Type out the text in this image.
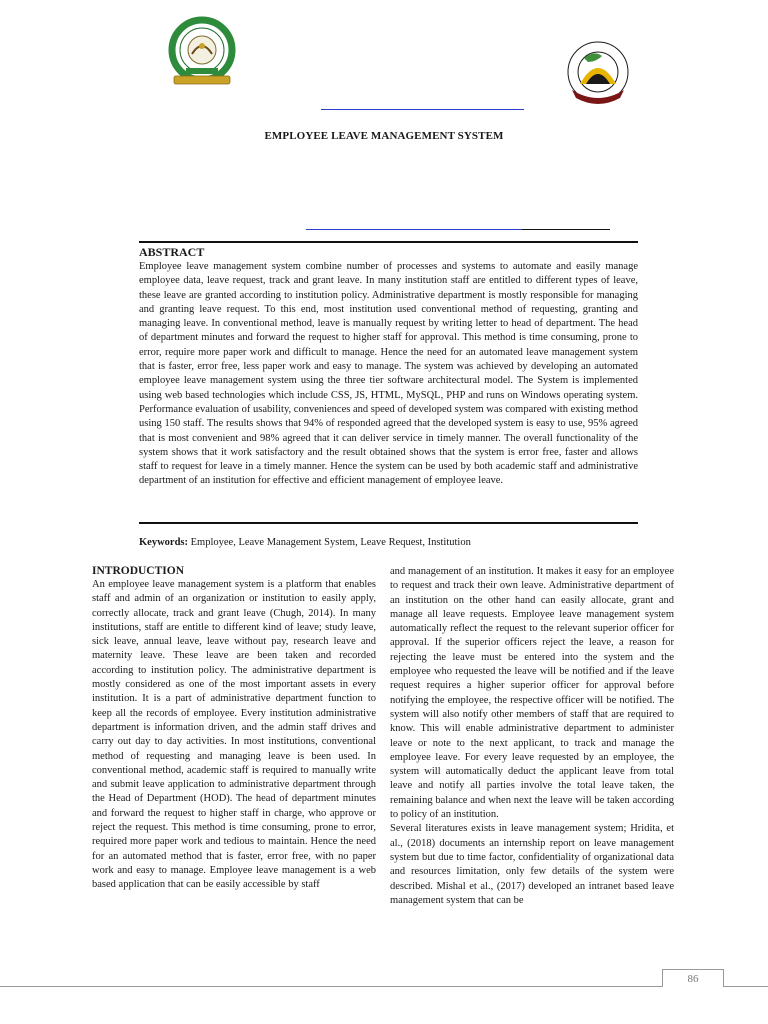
EMPLOYEE LEAVE MANAGEMENT SYSTEM

ABSTRACT

Employee leave management system combine number of processes and systems to automate and easily manage employee data, leave request, track and grant leave. In many institution staff are entitled to different types of leave, these leave are granted according to institution policy. Administrative department is mostly responsible for managing and granting leave request. To this end, most institution used conventional method of requesting, granting and managing leave. In conventional method, leave is manually request by writing letter to head of department. The head of department minutes and forward the request to higher staff for approval. This method is time consuming, prone to error, require more paper work and difficult to manage. Hence the need for an automated leave management system that is faster, error free, less paper work and easy to manage. The system was achieved by developing an automated employee leave management system using the three tier software architectural model. The System is implemented using web based technologies which include CSS, JS, HTML, MySQL, PHP and runs on Windows operating system. Performance evaluation of usability, conveniences and speed of developed system was compared with existing method using 150 staff. The results shows that 94% of responded agreed that the developed system is easy to use, 95% agreed that is most convenient and 98% agreed that it can deliver service in timely manner. The overall functionality of the system shows that it work satisfactory and the result obtained shows that the system is error free, faster and allows staff to request for leave in a timely manner. Hence the system can be used by both academic staff and administrative department of an institution for effective and efficient management of employee leave.

Keywords: Employee, Leave Management System, Leave Request, Institution

INTRODUCTION

An employee leave management system is a platform that enables staff and admin of an organization or institution to easily apply, correctly allocate, track and grant leave (Chugh, 2014). In many institutions, staff are entitle to different kind of leave; study leave, sick leave, annual leave, leave without pay, research leave and maternity leave. These leave are been taken and recorded according to institution policy. The administrative department is mostly considered as one of the most important assets in every institution. It is a part of administrative department function to keep all the records of employee. Every institution administrative department is information driven, and the admin staff drives and carry out day to day activities. In most institutions, conventional method of requesting and managing leave is been used. In conventional method, academic staff is required to manually write and submit leave application to administrative department through the Head of Department (HOD). The head of department minutes and forward the request to higher staff in charge, who approve or reject the request. This method is time consuming, prone to error, required more paper work and tedious to maintain. Hence the need for an automated method that is faster, error free, with no paper work and easy to manage. Employee leave management is a web based application that can be easily accessible by staff

and management of an institution. It makes it easy for an employee to request and track their own leave. Administrative department of an institution on the other hand can easily allocate, grant and manage all leave requests. Employee leave management system automatically reflect the request to the relevant superior officer for approval. If the superior officers reject the leave, a reason for rejecting the leave must be entered into the system and the employee who requested the leave will be notified and if the leave request requires a higher superior officer for approval before notifying the employee, the respective officer will be notified. The system will also notify other members of staff that are required to know. This will enable administrative department to administer leave or note to the next applicant, to track and manage the employee leave. For every leave requested by an employee, the system will automatically deduct the applicant leave from total leave and notify all parties involve the total leave taken, the remaining balance and when next the leave will be taken according to policy of an institution.

Several literatures exists in leave management system; Hridita, et al., (2018) documents an internship report on leave management system but due to time factor, confidentiality of organizational data and resources limitation, only few details of the system were described. Mishal et al., (2017) developed an intranet based leave management system that can be

86
